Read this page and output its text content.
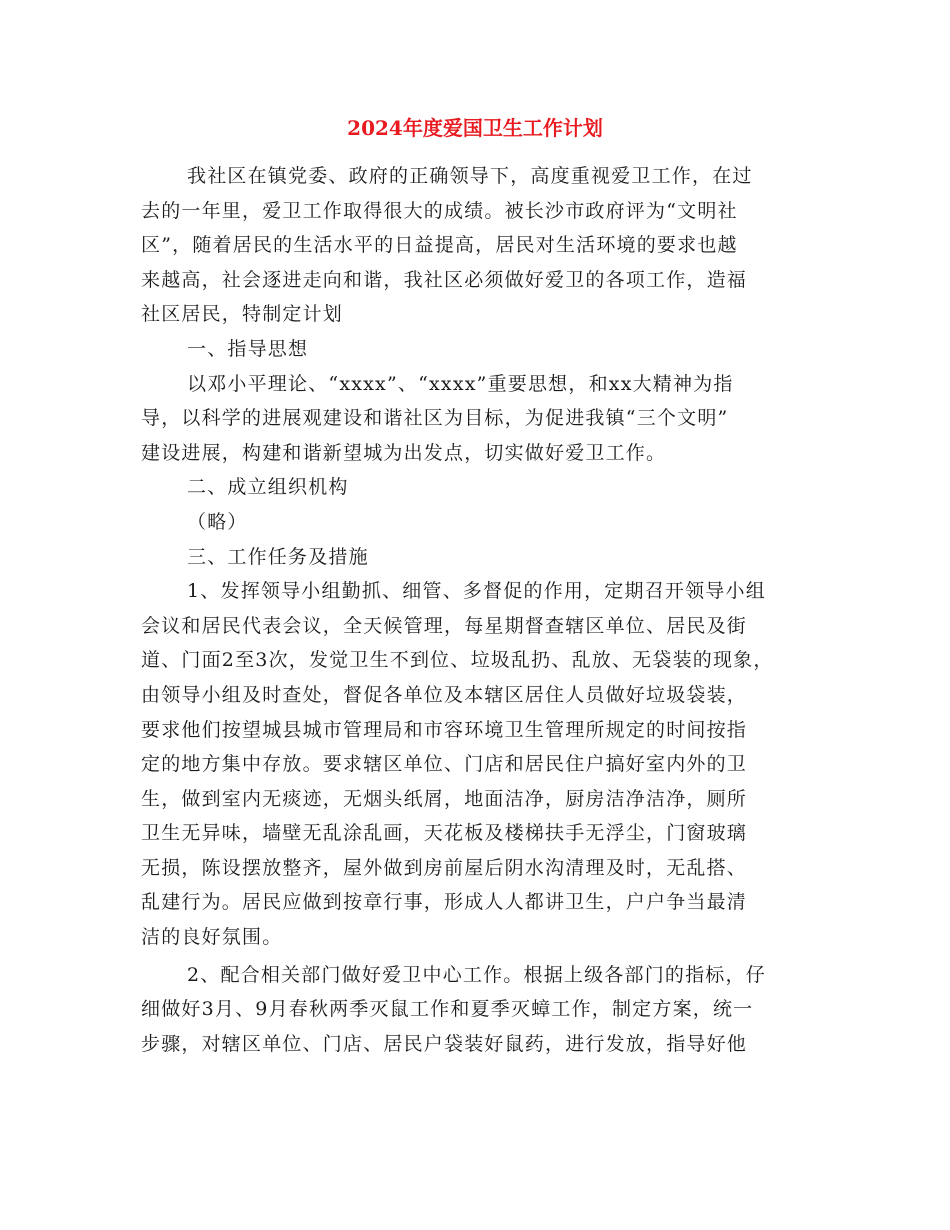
2024年度爱国卫生工作计划
我社区在镇党委、政府的正确领导下，高度重视爱卫工作，在过
去的一年里，爱卫工作取得很大的成绩。被长沙市政府评为“文明社
区”，随着居民的生活水平的日益提高，居民对生活环境的要求也越
来越高，社会逐进走向和谐，我社区必须做好爱卫的各项工作，造福
社区居民，特制定计划
一、指导思想
以邓小平理论、“xxxx”、“xxxx”重要思想，和xx大精神为指
导，以科学的进展观建设和谐社区为目标，为促进我镇“三个文明”
建设进展，构建和谐新望城为出发点，切实做好爱卫工作。
二、成立组织机构
（略）
三、工作任务及措施
1、发挥领导小组勤抓、细管、多督促的作用，定期召开领导小组
会议和居民代表会议，全天候管理，每星期督查辖区单位、居民及街
道、门面2至3次，发觉卫生不到位、垃圾乱扔、乱放、无袋装的现象，
由领导小组及时查处，督促各单位及本辖区居住人员做好垃圾袋装，
要求他们按望城县城市管理局和市容环境卫生管理所规定的时间按指
定的地方集中存放。要求辖区单位、门店和居民住户搞好室内外的卫
生，做到室内无痰迹，无烟头纸屑，地面洁净，厨房洁净洁净，厕所
卫生无异味，墙壁无乱涂乱画，天花板及楼梯扶手无浮尘，门窗玻璃
无损，陈设摆放整齐，屋外做到房前屋后阴水沟清理及时，无乱搭、
乱建行为。居民应做到按章行事，形成人人都讲卫生，户户争当最清
洁的良好氛围。
2、配合相关部门做好爱卫中心工作。根据上级各部门的指标，仔
细做好3月、9月春秋两季灭鼠工作和夏季灭蟑工作，制定方案，统一
步骤，对辖区单位、门店、居民户袋装好鼠药，进行发放，指导好他
